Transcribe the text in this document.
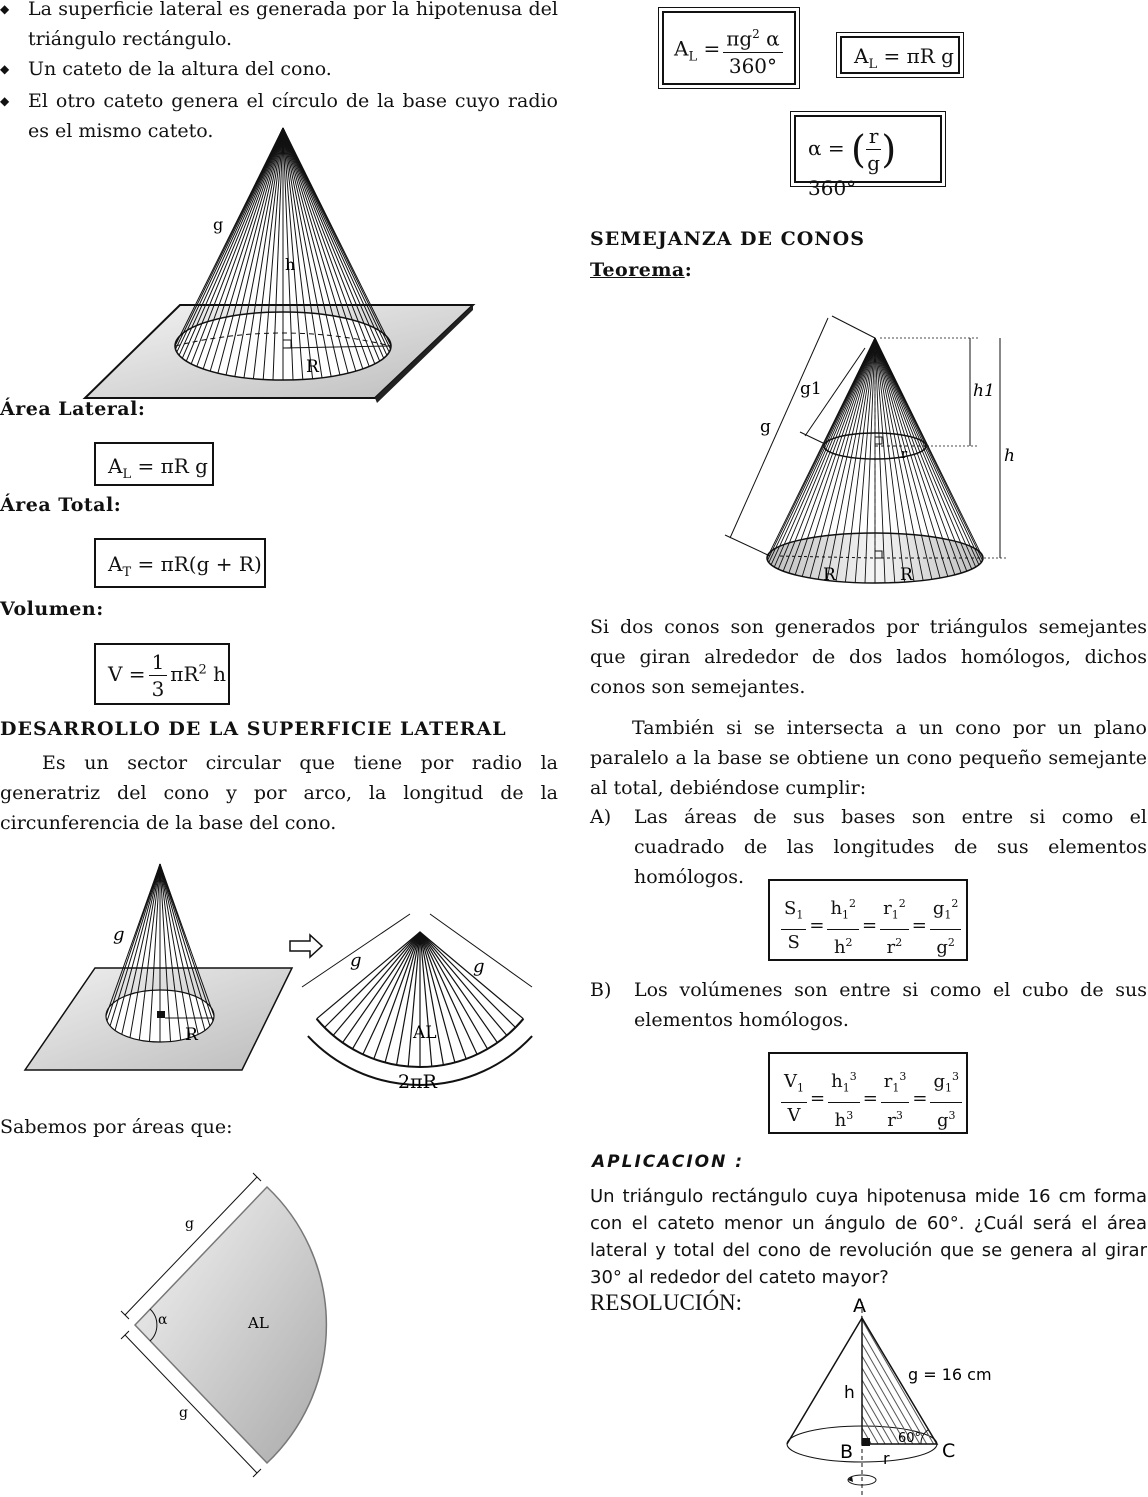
◆ La superficie lateral es generada por la hipotenusa del triángulo rectángulo.
◆ Un cateto de la altura del cono.
◆ El otro cateto genera el círculo de la base cuyo radio es el mismo cateto.
g
h
R
Área Lateral:
$A_L = \pi R$ g
Área Total:
$A_T = \pi R(g + R)$
Volumen:
$V = \frac{1}{3} \pi R^2$ h
DESARROLLO DE LA SUPERFICIE LATERAL
Es un sector circular que tiene por radio la generatriz del cono y por arco, la longitud de la circunferencia de la base del cono.
g
R
g	g
AL
2πR
Sabemos por áreas que:
g
g
α	AL
$A_L = \frac{\pi g^2 \alpha}{360^\circ}$	$A_L = \pi R$ g
α = ( $\frac{r}{g}$ ) 360°
SEMEJANZA DE CONOS
Teorema:
g1
g
h1
h
r
R	R
Si dos conos son generados por triángulos semejantes que giran alrededor de dos lados homólogos, dichos conos son semejantes.
También si se intersecta a un cono por un plano paralelo a la base se obtiene un cono pequeño semejante al total, debiéndose cumplir:
A) Las áreas de sus bases son entre si como el cuadrado de las longitudes de sus elementos homólogos.
$\frac{S_1}{S} = \frac{h_1^2}{h^2} = \frac{r_1^2}{r^2} = \frac{g_1^2}{g^2}$
B) Los volúmenes son entre si como el cubo de sus elementos homólogos.
$\frac{V_1}{V} = \frac{h_1^3}{h^3} = \frac{r_1^3}{r^3} = \frac{g_1^3}{g^3}$
APLICACION :
Un triángulo rectángulo cuya hipotenusa mide 16 cm forma con el cateto menor un ángulo de 60°. ¿Cuál será el área lateral y total del cono de revolución que se genera al girar 30° al rededor del cateto mayor?
RESOLUCIÓN:	A
B	C
g = 16 cm
h
r
60°
